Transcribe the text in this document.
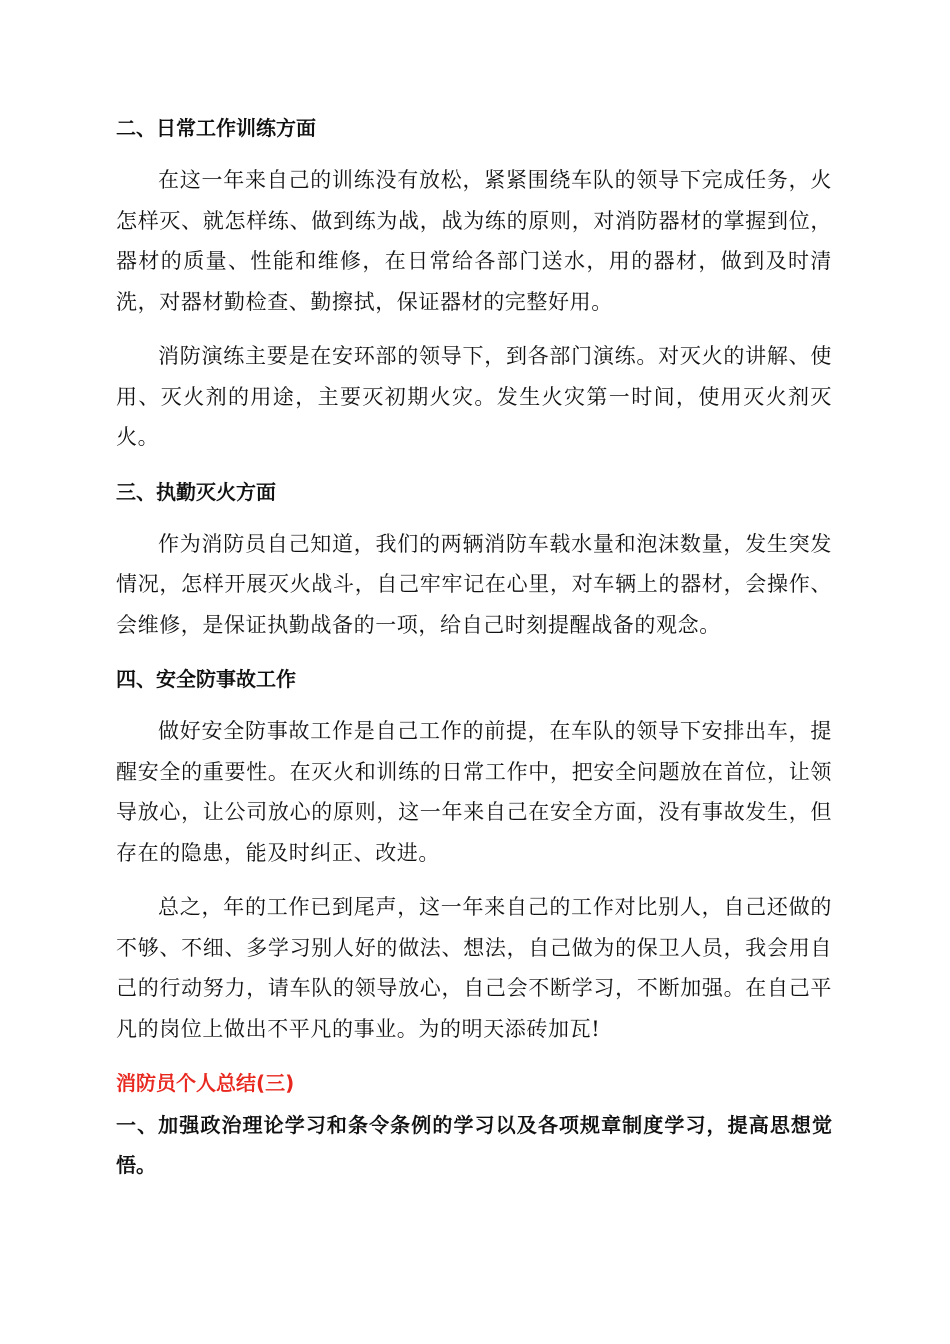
二、日常工作训练方面

在这一年来自己的训练没有放松，紧紧围绕车队的领导下完成任务，火怎样灭、就怎样练、做到练为战，战为练的原则，对消防器材的掌握到位，器材的质量、性能和维修，在日常给各部门送水，用的器材，做到及时清洗，对器材勤检查、勤擦拭，保证器材的完整好用。

消防演练主要是在安环部的领导下，到各部门演练。对灭火的讲解、使用、灭火剂的用途，主要灭初期火灾。发生火灾第一时间，使用灭火剂灭火。

三、执勤灭火方面

作为消防员自己知道，我们的两辆消防车载水量和泡沫数量，发生突发情况，怎样开展灭火战斗，自己牢牢记在心里，对车辆上的器材，会操作、会维修，是保证执勤战备的一项，给自己时刻提醒战备的观念。

四、安全防事故工作

做好安全防事故工作是自己工作的前提，在车队的领导下安排出车，提醒安全的重要性。在灭火和训练的日常工作中，把安全问题放在首位，让领导放心，让公司放心的原则，这一年来自己在安全方面，没有事故发生，但存在的隐患，能及时纠正、改进。

总之，年的工作已到尾声，这一年来自己的工作对比别人，自己还做的不够、不细、多学习别人好的做法、想法，自己做为的保卫人员，我会用自己的行动努力，请车队的领导放心，自己会不断学习，不断加强。在自己平凡的岗位上做出不平凡的事业。为的明天添砖加瓦!

消防员个人总结(三)
一、加强政治理论学习和条令条例的学习以及各项规章制度学习，提高思想觉悟。
